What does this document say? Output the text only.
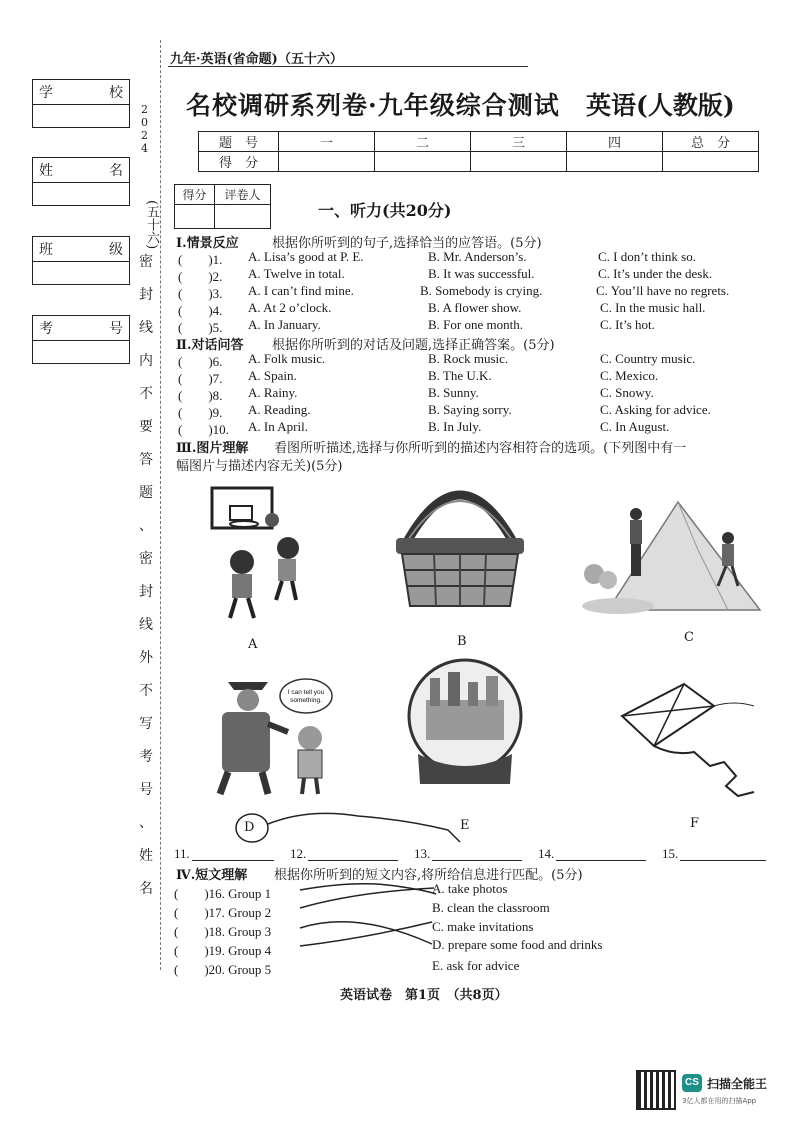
九年·英语(省命题)（五十六）
名校调研系列卷·九年级综合测试 英语(人教版)
学	校
姓	名
班	级
考	号
2
0
2
4
(五十六)
密
封
线
内
不
要
答
题
、
密
封
线
外
不
写
考
号
、
姓
名
题　号	一	二	三	四	总　分
得　分					
得分	评卷人

一、听力(共20分)
Ⅰ.情景反应	根据你所听到的句子,选择恰当的应答语。(5分)
(　　)1. A. Lisa’s good at P. E.	B. Mr. Anderson’s.	C. I don’t think so.
(　　)2. A. Twelve in total.	B. It was successful.	C. It’s under the desk.
(　　)3. A. I can’t find mine.	B. Somebody is crying.	C. You’ll have no regrets.
(　　)4. A. At 2 o’clock.	B. A flower show.	C. In the music hall.
(　　)5. A. In January.	B. For one month.	C. It’s hot.
Ⅱ.对话问答 根据你所听到的对话及问题,选择正确答案。(5分)
(　　)6. A. Folk music.	B. Rock music.	C. Country music.
(　　)7. A. Spain.	B. The U.K.	C. Mexico.
(　　)8. A. Rainy.	B. Sunny.	C. Snowy.
(　　)9. A. Reading.	B. Saying sorry.	C. Asking for advice.
(　　)10. A. In April.	B. In July.	C. In August.
Ⅲ.图片理解 看图所听描述,选择与你所听到的描述内容相符合的选项。(下列图中有一
幅图片与描述内容无关)(5分)
A	B	C
I can tell you
something.
D	E	F
11.	12.	13.	14.	15.
Ⅳ.短文理解 根据你所听到的短文内容,将所给信息进行匹配。(5分)
(　　)16. Group 1	A. take photos
(　　)17. Group 2	B. clean the classroom
(　　)18. Group 3	C. make invitations
(　　)19. Group 4	D. prepare some food and drinks
(　　)20. Group 5	E. ask for advice
英语试卷　第1页　（共8页）
CS 扫描全能王
3亿人都在用的扫描App
